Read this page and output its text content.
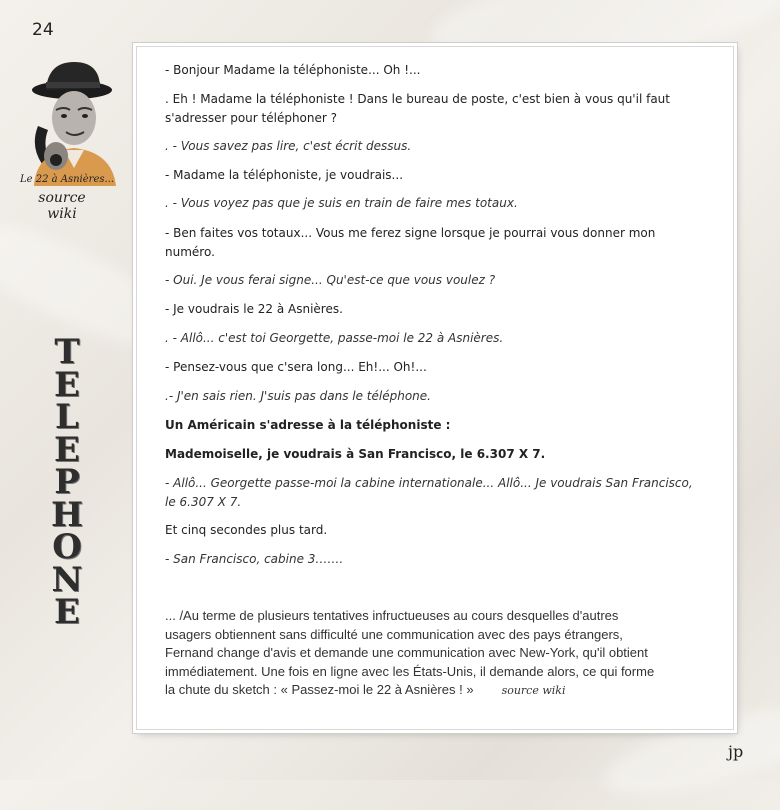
24
Le 22 à Asnières...
source
wiki
T
E
L
E
P
H
O
N
E
- Bonjour Madame la téléphoniste... Oh !...
. Eh ! Madame la téléphoniste ! Dans le bureau de poste, c'est bien à vous qu'il faut
s'adresser pour téléphoner ?
. - Vous savez pas lire, c'est écrit dessus.
- Madame la téléphoniste, je voudrais...
. - Vous voyez pas que je suis en train de faire mes totaux.
- Ben faites vos totaux... Vous me ferez signe lorsque je pourrai vous donner mon
numéro.
- Oui. Je vous ferai signe... Qu'est-ce que vous voulez ?
- Je voudrais le 22 à Asnières.
. - Allô... c'est toi Georgette, passe-moi le 22 à Asnières.
- Pensez-vous que c'sera long... Eh!... Oh!...
.- J'en sais rien. J'suis pas dans le téléphone.
Un Américain s'adresse à la téléphoniste :
Mademoiselle, je voudrais à San Francisco, le 6.307 X 7.
- Allô... Georgette passe-moi la cabine internationale... Allô... Je voudrais San Francisco,
le 6.307 X 7.
Et cinq secondes plus tard.
- San Francisco, cabine 3…….
... /Au terme de plusieurs tentatives infructueuses au cours desquelles d'autres
usagers obtiennent sans difficulté une communication avec des pays étrangers,
Fernand change d'avis et demande une communication avec New-York, qu'il obtient
immédiatement. Une fois en ligne avec les États-Unis, il demande alors, ce qui forme
la chute du sketch : « Passez-moi le 22 à Asnières ! »	source wiki
jp
